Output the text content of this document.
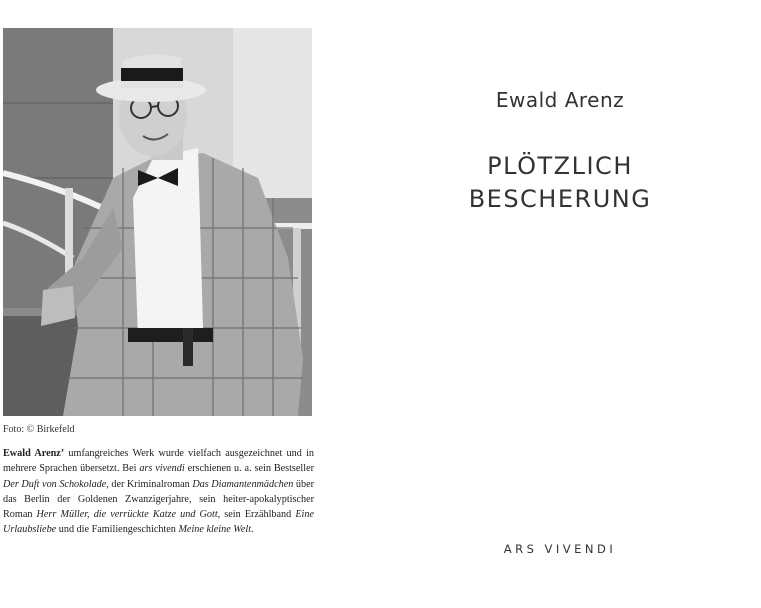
Foto: © Birkefeld
Ewald Arenz’ umfangreiches Werk wurde vielfach ausgezeichnet und in mehrere Sprachen übersetzt. Bei ars vivendi erschienen u. a. sein Bestseller Der Duft von Schokolade, der Kriminalroman Das Diamantenmädchen über das Berlin der Goldenen Zwanzigerjahre, sein heiter-apokalyptischer Roman Herr Müller, die verrückte Katze und Gott, sein Erzählband Eine Urlaubsliebe und die Familiengeschichten Meine kleine Welt.
Ewald Arenz
PLÖTZLICH
BESCHERUNG
ARS VIVENDI
